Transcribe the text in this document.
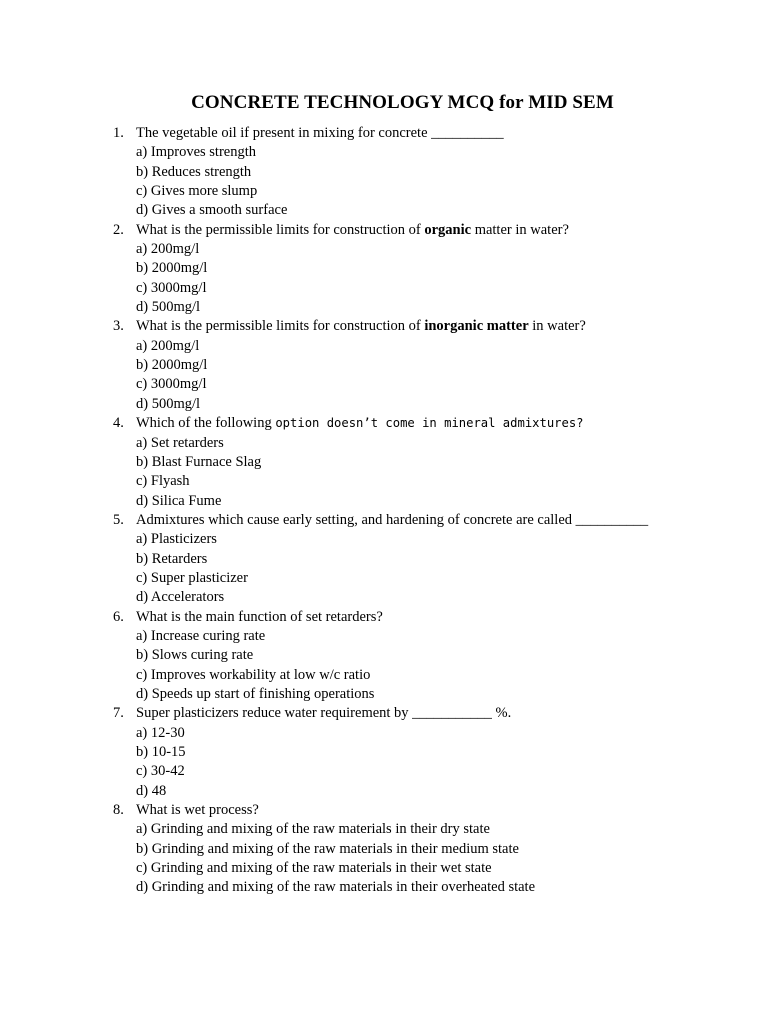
CONCRETE TECHNOLOGY MCQ for MID SEM
1. The vegetable oil if present in mixing for concrete __________
a) Improves strength
b) Reduces strength
c) Gives more slump
d) Gives a smooth surface
2. What is the permissible limits for construction of organic matter in water?
a) 200mg/l
b) 2000mg/l
c) 3000mg/l
d) 500mg/l
3. What is the permissible limits for construction of inorganic matter in water?
a) 200mg/l
b) 2000mg/l
c) 3000mg/l
d) 500mg/l
4. Which of the following option doesn’t come in mineral admixtures?
a) Set retarders
b) Blast Furnace Slag
c) Flyash
d) Silica Fume
5. Admixtures which cause early setting, and hardening of concrete are called __________
a) Plasticizers
b) Retarders
c) Super plasticizer
d) Accelerators
6. What is the main function of set retarders?
a) Increase curing rate
b) Slows curing rate
c) Improves workability at low w/c ratio
d) Speeds up start of finishing operations
7. Super plasticizers reduce water requirement by ___________ %.
a) 12-30
b) 10-15
c) 30-42
d) 48
8. What is wet process?
a) Grinding and mixing of the raw materials in their dry state
b) Grinding and mixing of the raw materials in their medium state
c) Grinding and mixing of the raw materials in their wet state
d) Grinding and mixing of the raw materials in their overheated state
